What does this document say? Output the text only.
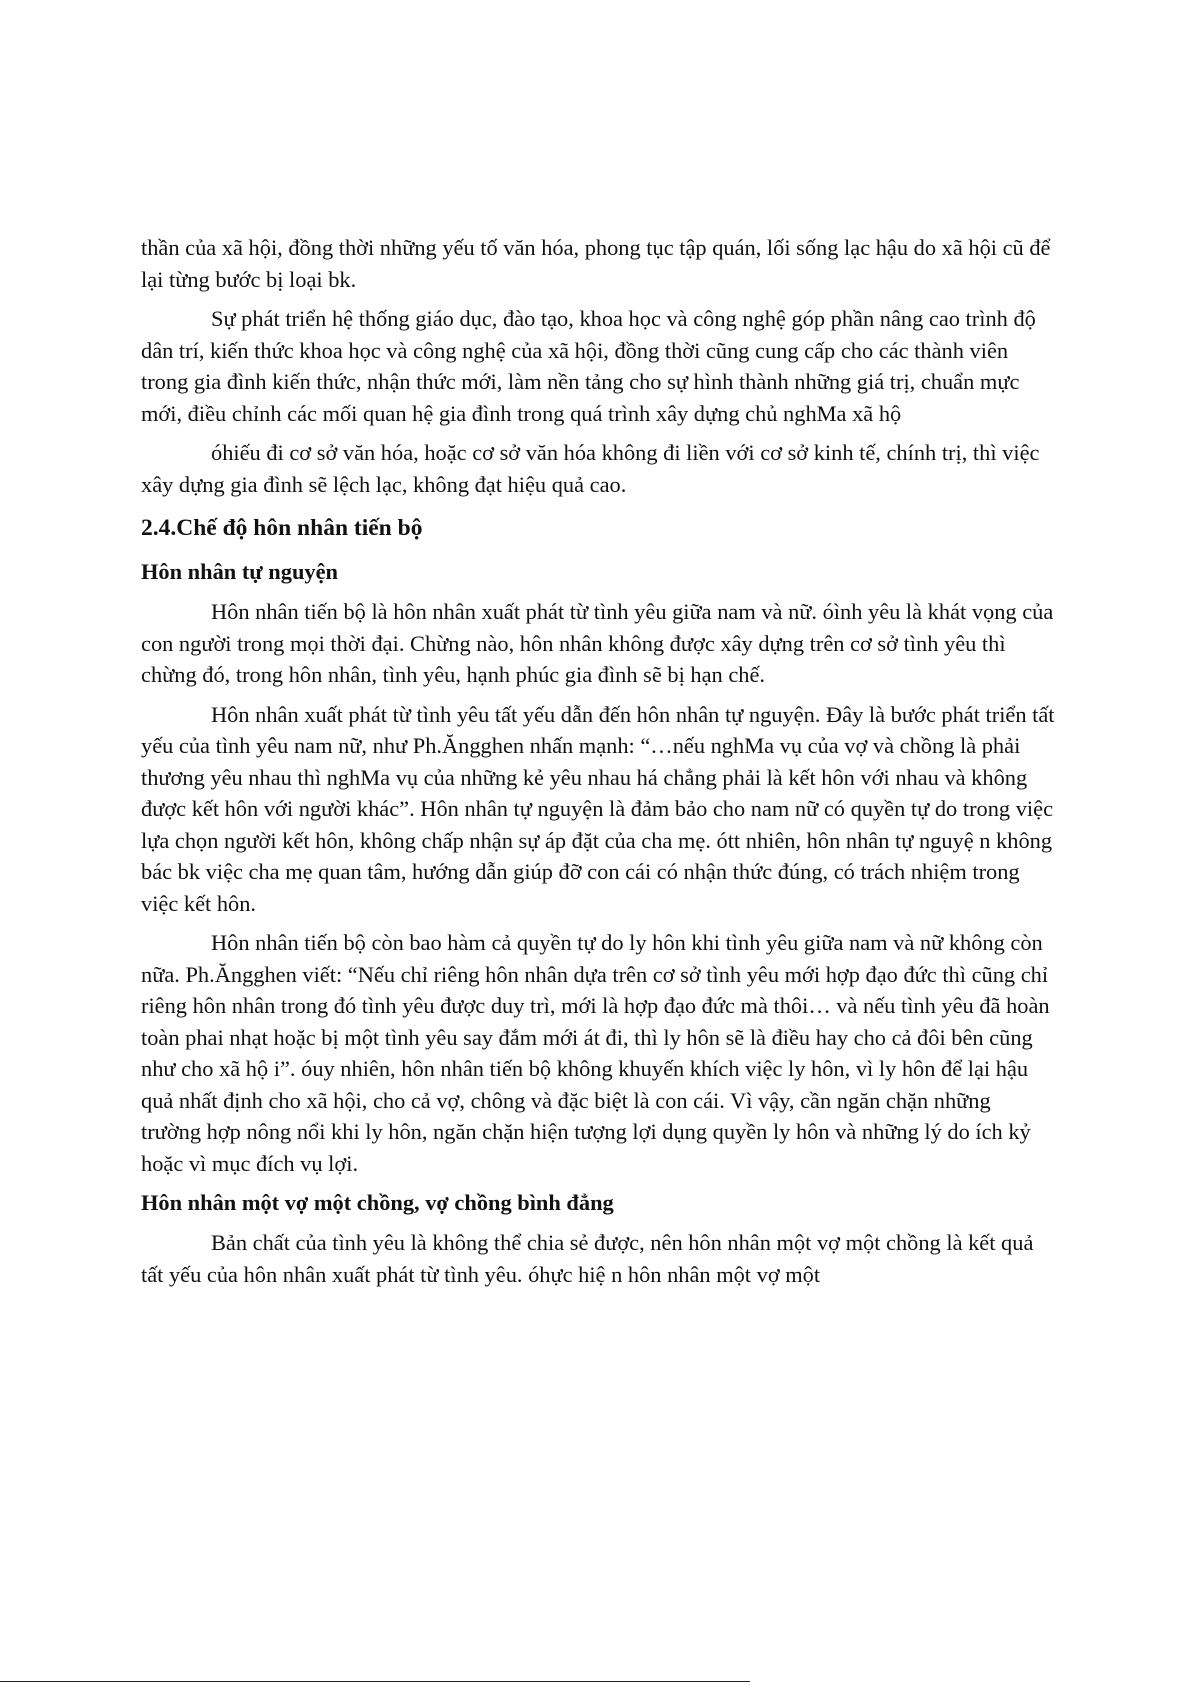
thần của xã hội, đồng thời những yếu tố văn hóa, phong tục tập quán, lối sống lạc hậu do xã hội cũ để lại từng bước bị loại bk.

Sự phát triển hệ thống giáo dục, đào tạo, khoa học và công nghệ góp phần nâng cao trình độ dân trí, kiến thức khoa học và công nghệ của xã hội, đồng thời cũng cung cấp cho các thành viên trong gia đình kiến thức, nhận thức mới, làm nền tảng cho sự hình thành những giá trị, chuẩn mực mới, điều chỉnh các mối quan hệ gia đình trong quá trình xây dựng chủ nghMa xã hộ

óhiếu đi cơ sở văn hóa, hoặc cơ sở văn hóa không đi liền với cơ sở kinh tế, chính trị, thì việc xây dựng gia đình sẽ lệch lạc, không đạt hiệu quả cao.

2.4.Chế độ hôn nhân tiến bộ
Hôn nhân tự nguyện

Hôn nhân tiến bộ là hôn nhân xuất phát từ tình yêu giữa nam và nữ. óình yêu là khát vọng của con người trong mọi thời đại. Chừng nào, hôn nhân không được xây dựng trên cơ sở tình yêu thì chừng đó, trong hôn nhân, tình yêu, hạnh phúc gia đình sẽ bị hạn chế.

Hôn nhân xuất phát từ tình yêu tất yếu dẫn đến hôn nhân tự nguyện. Đây là bước phát triển tất yếu của tình yêu nam nữ, như Ph.Ăngghen nhấn mạnh: “…nếu nghMa vụ của vợ và chồng là phải thương yêu nhau thì nghMa vụ của những kẻ yêu nhau há chẳng phải là kết hôn với nhau và không được kết hôn với người khác”. Hôn nhân tự nguyện là đảm bảo cho nam nữ có quyền tự do trong việc lựa chọn người kết hôn, không chấp nhận sự áp đặt của cha mẹ. ótt nhiên, hôn nhân tự nguyệ n không bác bk việc cha mẹ quan tâm, hướng dẫn giúp đỡ con cái có nhận thức đúng, có trách nhiệm trong việc kết hôn.

Hôn nhân tiến bộ còn bao hàm cả quyền tự do ly hôn khi tình yêu giữa nam và nữ không còn nữa. Ph.Ăngghen viết: “Nếu chỉ riêng hôn nhân dựa trên cơ sở tình yêu mới hợp đạo đức thì cũng chỉ riêng hôn nhân trong đó tình yêu được duy trì, mới là hợp đạo đức mà thôi… và nếu tình yêu đã hoàn toàn phai nhạt hoặc bị một tình yêu say đắm mới át đi, thì ly hôn sẽ là điều hay cho cả đôi bên cũng như cho xã hộ i”. óuy nhiên, hôn nhân tiến bộ không khuyến khích việc ly hôn, vì ly hôn để lại hậu quả nhất định cho xã hội, cho cả vợ, chông và đặc biệt là con cái. Vì vậy, cần ngăn chặn những trường hợp nông nổi khi ly hôn, ngăn chặn hiện tượng lợi dụng quyền ly hôn và những lý do ích kỷ hoặc vì mục đích vụ lợi.

Hôn nhân một vợ một chồng, vợ chồng bình đẳng

Bản chất của tình yêu là không thể chia sẻ được, nên hôn nhân một vợ một chồng là kết quả tất yếu của hôn nhân xuất phát từ tình yêu. óhực hiệ n hôn nhân một vợ một
